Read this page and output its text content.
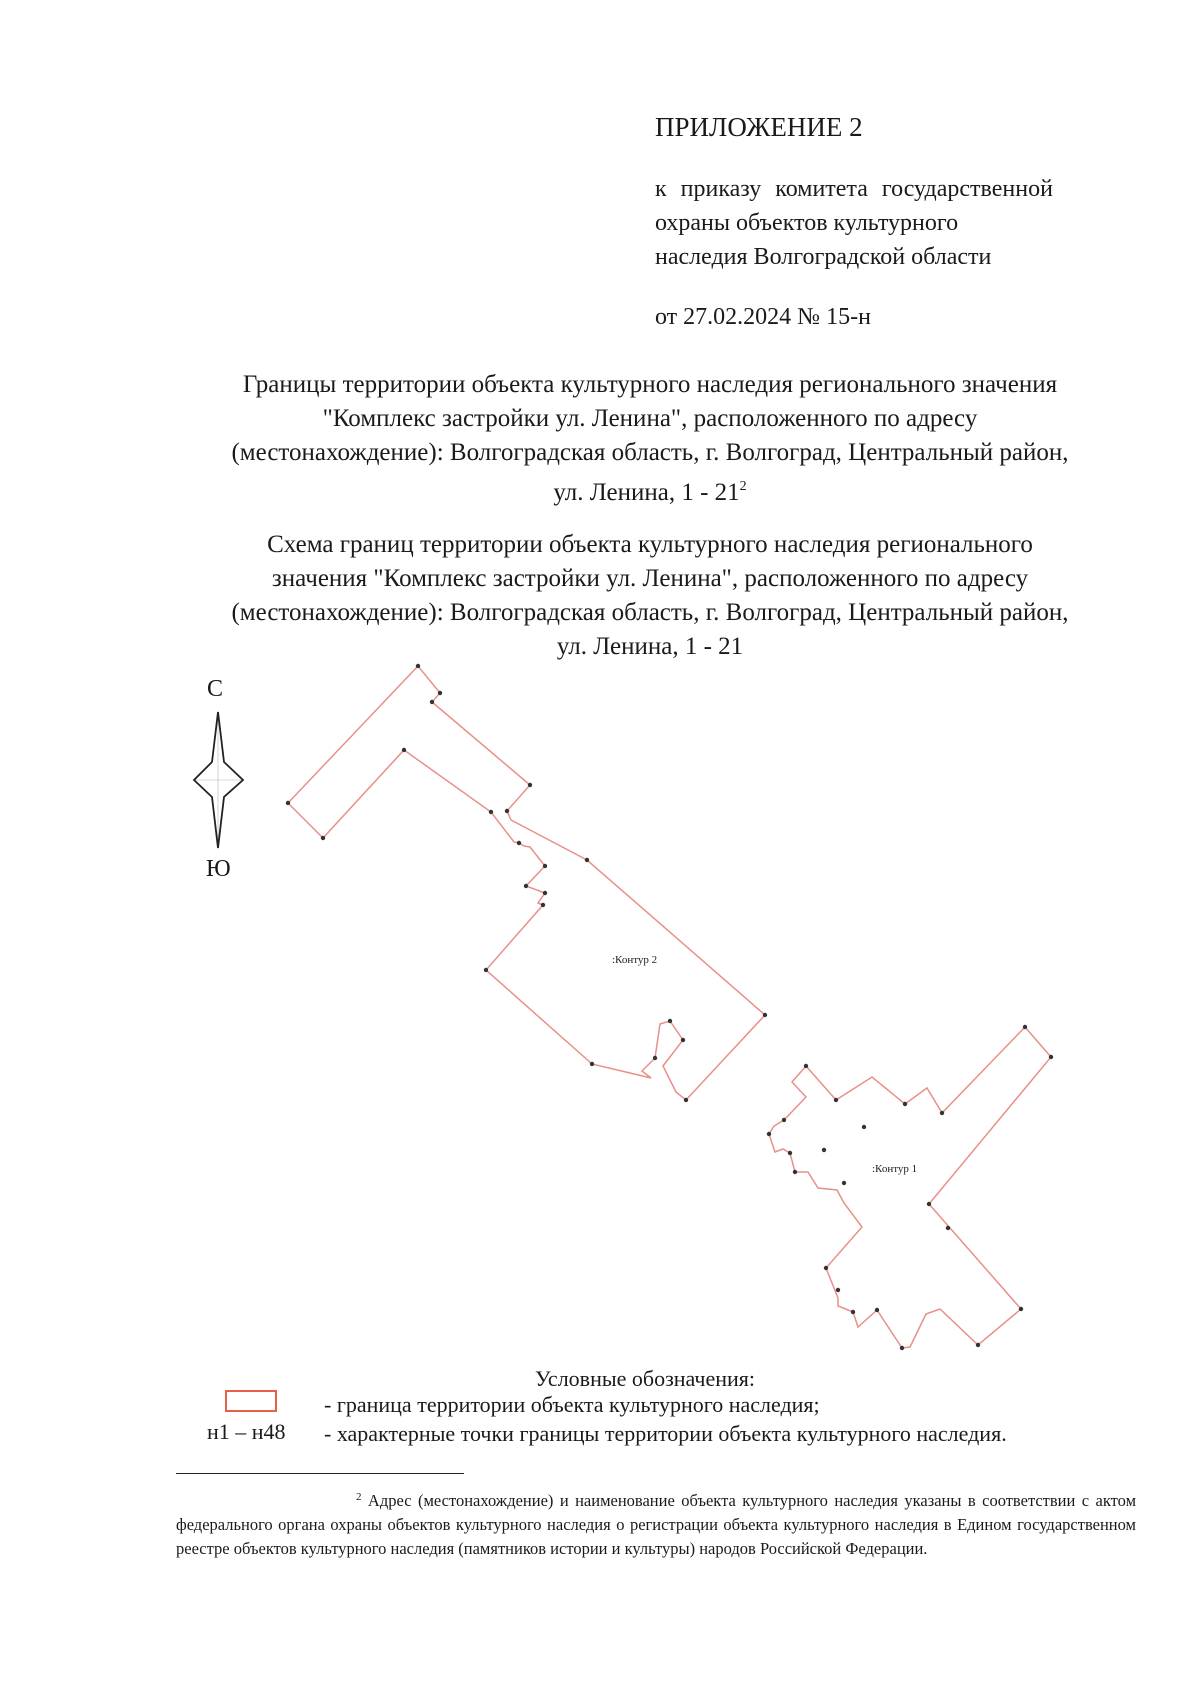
ПРИЛОЖЕНИЕ 2
к приказу комитета государственной
охраны объектов культурного
наследия Волгоградской области
от 27.02.2024 № 15-н
Границы территории объекта культурного наследия регионального значения
"Комплекс застройки ул. Ленина", расположенного по адресу
(местонахождение): Волгоградская область, г. Волгоград, Центральный район,
ул. Ленина, $1 - 21^2$
Схема границ территории объекта культурного наследия регионального
значения "Комплекс застройки ул. Ленина", расположенного по адресу
(местонахождение): Волгоградская область, г. Волгоград, Центральный район,
ул. Ленина, 1 - 21
С
Ю
:Контур 2
:Контур 1
Условные обозначения:
- граница территории объекта культурного наследия;
н1 – н48 - характерные точки границы территории объекта культурного наследия.
$^2$ Адрес (местонахождение) и наименование объекта культурного наследия указаны в соответствии с актом федерального органа охраны объектов культурного наследия о регистрации объекта культурного наследия в Едином государственном реестре объектов культурного наследия (памятников истории и культуры) народов Российской Федерации.
